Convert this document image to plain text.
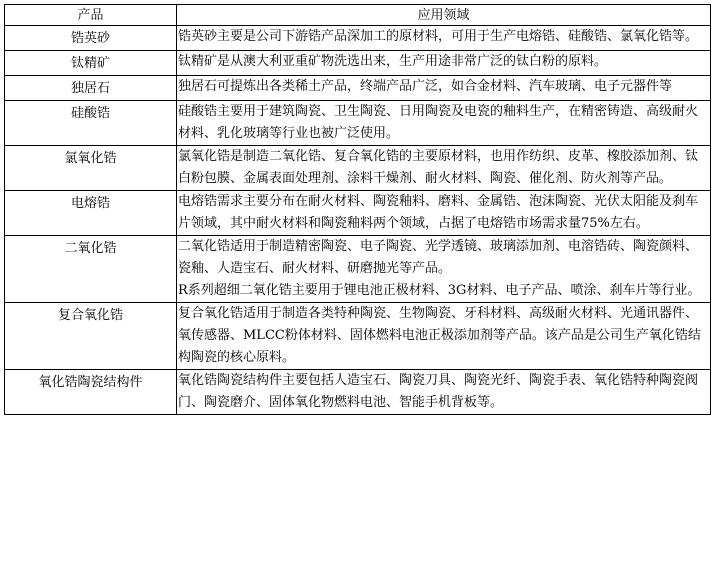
产品	应用领域
锆英砂	锆英砂主要是公司下游锆产品深加工的原材料，可用于生产电熔锆、硅酸锆、氯氧化锆等。

钛精矿	钛精矿是从澳大利亚重矿物洗选出来，生产用途非常广泛的钛白粉的原料。

独居石	独居石可提炼出各类稀土产品，终端产品广泛，如合金材料、汽车玻璃、电子元器件等

硅酸锆	硅酸锆主要用于建筑陶瓷、卫生陶瓷、日用陶瓷及电瓷的釉料生产，在精密铸造、高级耐火材料、乳化玻璃等行业也被广泛使用。

氯氧化锆	氯氧化锆是制造二氧化锆、复合氧化锆的主要原材料，也用作纺织、皮革、橡胶添加剂、钛白粉包膜、金属表面处理剂、涂料干燥剂、耐火材料、陶瓷、催化剂、防火剂等产品。

电熔锆	电熔锆需求主要分布在耐火材料、陶瓷釉料、磨料、金属锆、泡沫陶瓷、光伏太阳能及刹车片领域，其中耐火材料和陶瓷釉料两个领域，占据了电熔锆市场需求量75%左右。

二氧化锆	二氧化锆适用于制造精密陶瓷、电子陶瓷、光学透镜、玻璃添加剂、电溶锆砖、陶瓷颜料、瓷釉、人造宝石、耐火材料、研磨抛光等产品。
R系列超细二氧化锆主要用于锂电池正极材料、3G材料、电子产品、喷涂、刹车片等行业。

复合氧化锆	复合氧化锆适用于制造各类特种陶瓷、生物陶瓷、牙科材料、高级耐火材料、光通讯器件、氧传感器、MLCC粉体材料、固体燃料电池正极添加剂等产品。该产品是公司生产氧化锆结构陶瓷的核心原料。

氧化锆陶瓷结构件	氧化锆陶瓷结构件主要包括人造宝石、陶瓷刀具、陶瓷光纤、陶瓷手表、氧化锆特种陶瓷阀门、陶瓷磨介、固体氧化物燃料电池、智能手机背板等。
